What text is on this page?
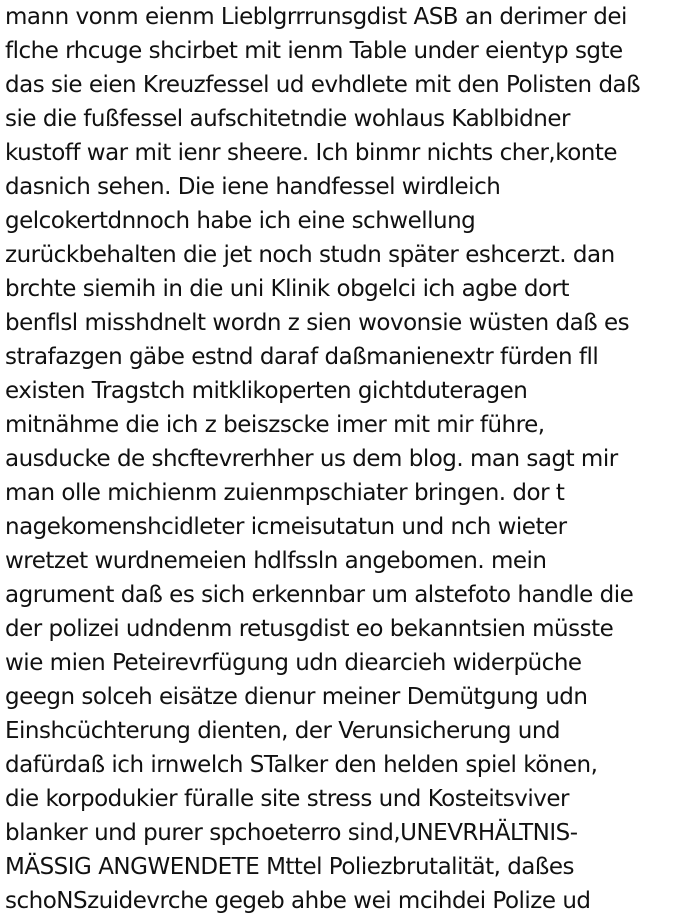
mann vonm eienm Lieblgrrrunsgdist ASB an derimer dei
flche rhcuge shcirbet mit ienm Table under eientyp sgte
das sie eien Kreuzfessel ud evhdlete mit den Polisten daß
sie die fußfessel aufschitetndie wohlaus Kablbidner
kustoff war mit ienr sheere. Ich binmr nichts cher,konte
dasnich sehen. Die iene handfessel wirdleich
gelcokertdnnoch habe ich eine schwellung
zurückbehalten die jet noch studn später eshcerzt. dan
brchte siemih in die uni Klinik obgelci ich agbe dort
benflsl misshdnelt wordn z sien wovonsie wüsten daß es
strafazgen gäbe estnd daraf daßmanienextr fürden fll
existen Tragstch mitklikoperten gichtduteragen
mitnähme die ich z beiszscke imer mit mir führe,
ausducke de shcftevrerhher us dem blog. man sagt mir
man olle michienm zuienmpschiater bringen. dor t
nagekomenshcidleter icmeisutatun und nch wieter
wretzet wurdnemeien hdlfssln angebomen. mein
agrument daß es sich erkennbar um alstefoto handle die
der polizei udndenm retusgdist eo bekanntsien müsste
wie mien Peteirevrfügung udn diearcieh widerpüche
geegn solceh eisätze dienur meiner Demütgung udn
Einshcüchterung dienten, der Verunsicherung und
dafürdaß ich irnwelch STalker den helden spiel könen,
die korpodukier füralle site stress und Kosteitsviver
blanker und purer spchoeterro sind,UNEVRHÄLTNIS-
MÄSSIG ANGWENDETE Mttel Poliezbrutalität, daßes
schoNSzuidevrche gegeb ahbe wei mcihdei Polize ud
